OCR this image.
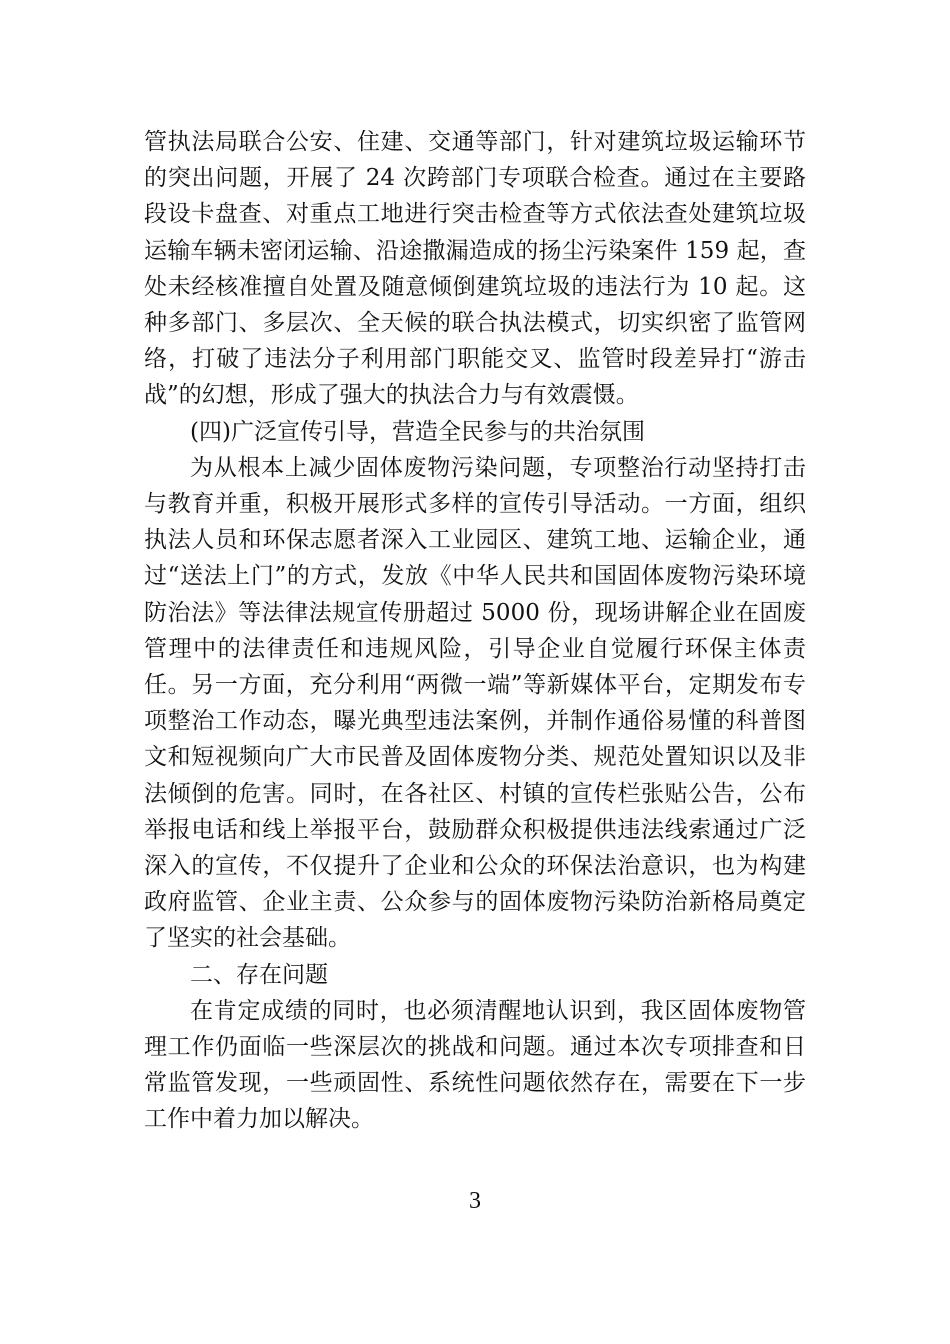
管执法局联合公安、住建、交通等部门，针对建筑垃圾运输环节的突出问题，开展了 24 次跨部门专项联合检查。通过在主要路段设卡盘查、对重点工地进行突击检查等方式依法查处建筑垃圾运输车辆未密闭运输、沿途撒漏造成的扬尘污染案件 159 起，查处未经核准擅自处置及随意倾倒建筑垃圾的违法行为 10 起。这种多部门、多层次、全天候的联合执法模式，切实织密了监管网络，打破了违法分子利用部门职能交叉、监管时段差异打“游击战”的幻想，形成了强大的执法合力与有效震慑。

(四)广泛宣传引导，营造全民参与的共治氛围

为从根本上减少固体废物污染问题，专项整治行动坚持打击与教育并重，积极开展形式多样的宣传引导活动。一方面，组织执法人员和环保志愿者深入工业园区、建筑工地、运输企业，通过“送法上门”的方式，发放《中华人民共和国固体废物污染环境防治法》等法律法规宣传册超过 5000 份，现场讲解企业在固废管理中的法律责任和违规风险，引导企业自觉履行环保主体责任。另一方面，充分利用“两微一端”等新媒体平台，定期发布专项整治工作动态，曝光典型违法案例，并制作通俗易懂的科普图文和短视频向广大市民普及固体废物分类、规范处置知识以及非法倾倒的危害。同时，在各社区、村镇的宣传栏张贴公告，公布举报电话和线上举报平台，鼓励群众积极提供违法线索通过广泛深入的宣传，不仅提升了企业和公众的环保法治意识，也为构建政府监管、企业主责、公众参与的固体废物污染防治新格局奠定了坚实的社会基础。

二、存在问题

在肯定成绩的同时，也必须清醒地认识到，我区固体废物管理工作仍面临一些深层次的挑战和问题。通过本次专项排查和日常监管发现，一些顽固性、系统性问题依然存在，需要在下一步工作中着力加以解决。

3
